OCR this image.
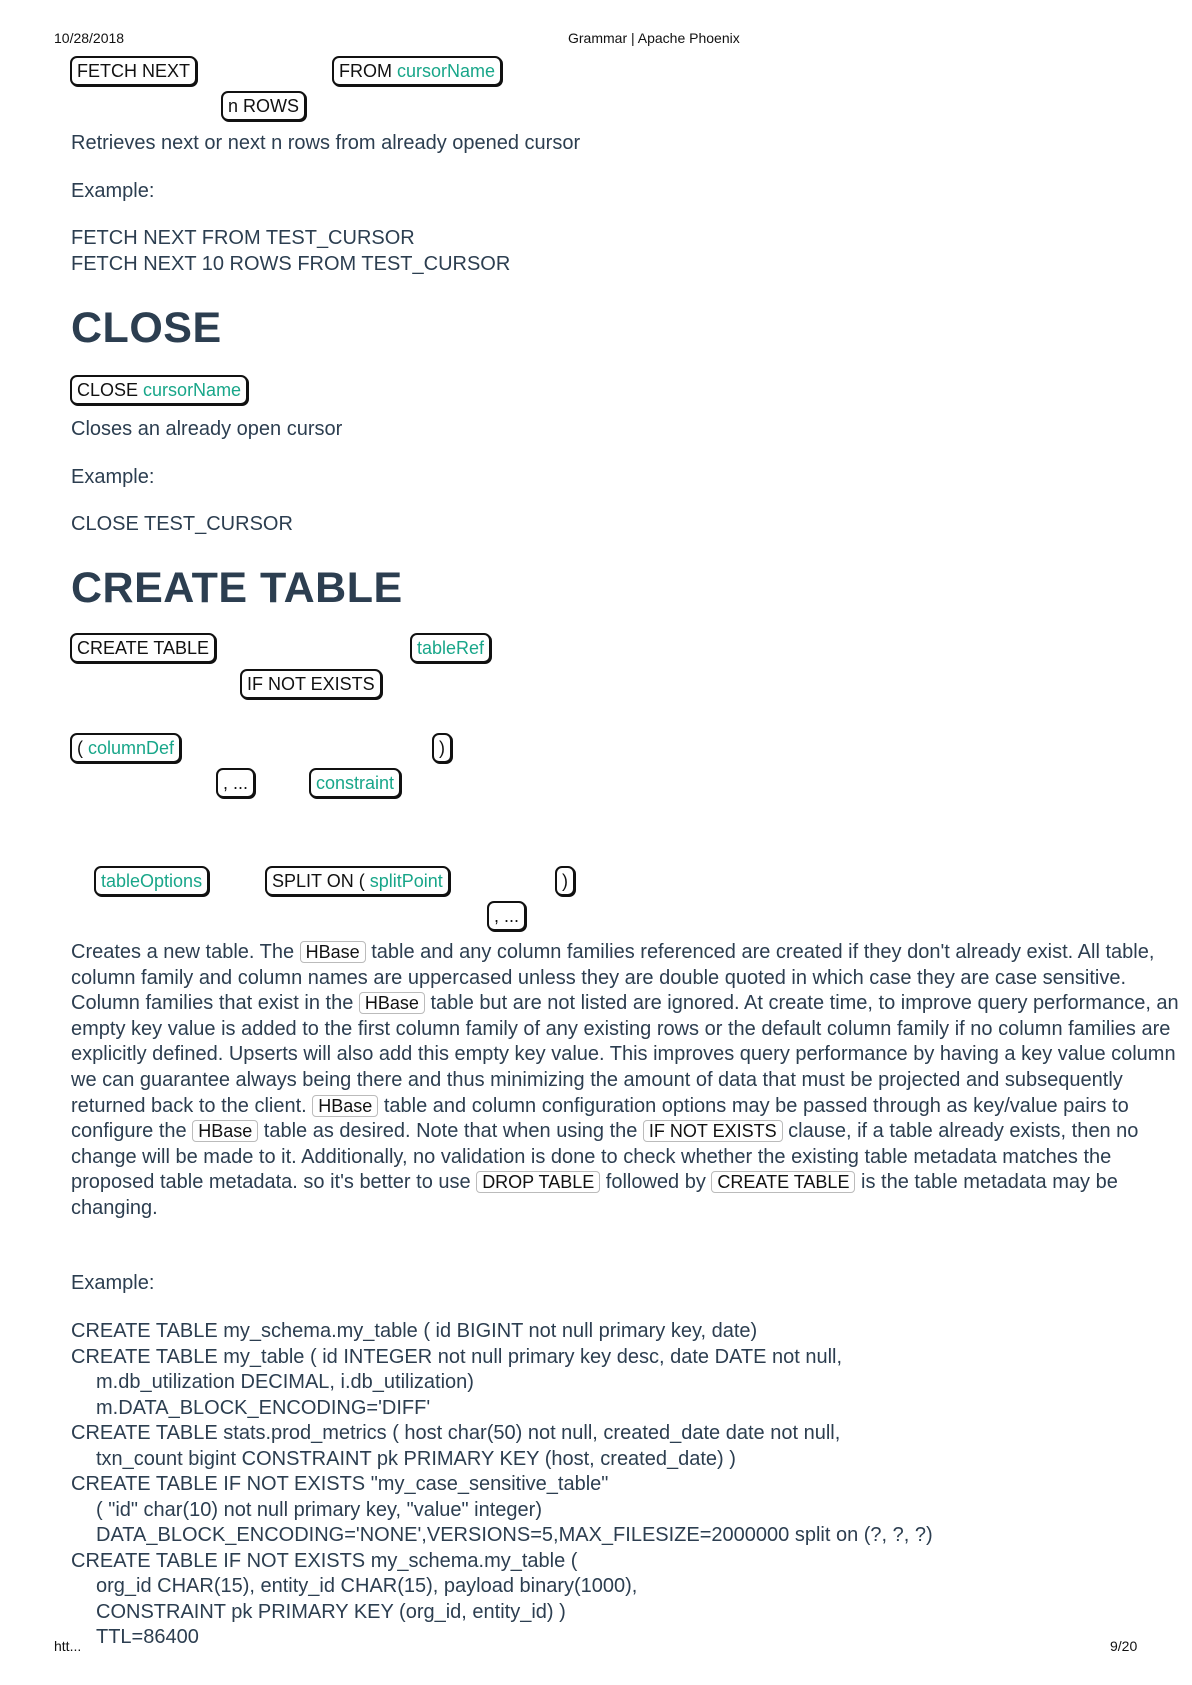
10/28/2018	Grammar | Apache Phoenix
FETCH NEXT	FROM cursorName
n ROWS
Retrieves next or next n rows from already opened cursor
Example:
FETCH NEXT FROM TEST_CURSOR
FETCH NEXT 10 ROWS FROM TEST_CURSOR
CLOSE
CLOSE cursorName
Closes an already open cursor
Example:
CLOSE TEST_CURSOR
CREATE TABLE
CREATE TABLE	tableRef
IF NOT EXISTS
( columnDef	)
, ...	constraint
tableOptions	SPLIT ON ( splitPoint	)
, ...
Creates a new table. The HBase table and any column families referenced are created if they don't already exist. All table, column family and column names are uppercased unless they are double quoted in which case they are case sensitive. Column families that exist in the HBase table but are not listed are ignored. At create time, to improve query performance, an empty key value is added to the first column family of any existing rows or the default column family if no column families are explicitly defined. Upserts will also add this empty key value. This improves query performance by having a key value column we can guarantee always being there and thus minimizing the amount of data that must be projected and subsequently returned back to the client. HBase table and column configuration options may be passed through as key/value pairs to configure the HBase table as desired. Note that when using the IF NOT EXISTS clause, if a table already exists, then no change will be made to it. Additionally, no validation is done to check whether the existing table metadata matches the proposed table metadata. so it's better to use DROP TABLE followed by CREATE TABLE is the table metadata may be changing.
Example:
CREATE TABLE my_schema.my_table ( id BIGINT not null primary key, date)
CREATE TABLE my_table ( id INTEGER not null primary key desc, date DATE not null,
m.db_utilization DECIMAL, i.db_utilization)
m.DATA_BLOCK_ENCODING='DIFF'
CREATE TABLE stats.prod_metrics ( host char(50) not null, created_date date not null,
txn_count bigint CONSTRAINT pk PRIMARY KEY (host, created_date) )
CREATE TABLE IF NOT EXISTS "my_case_sensitive_table"
( "id" char(10) not null primary key, "value" integer)
DATA_BLOCK_ENCODING='NONE',VERSIONS=5,MAX_FILESIZE=2000000 split on (?, ?, ?)
CREATE TABLE IF NOT EXISTS my_schema.my_table (
org_id CHAR(15), entity_id CHAR(15), payload binary(1000),
CONSTRAINT pk PRIMARY KEY (org_id, entity_id) )
TTL=86400
htt...	9/20
